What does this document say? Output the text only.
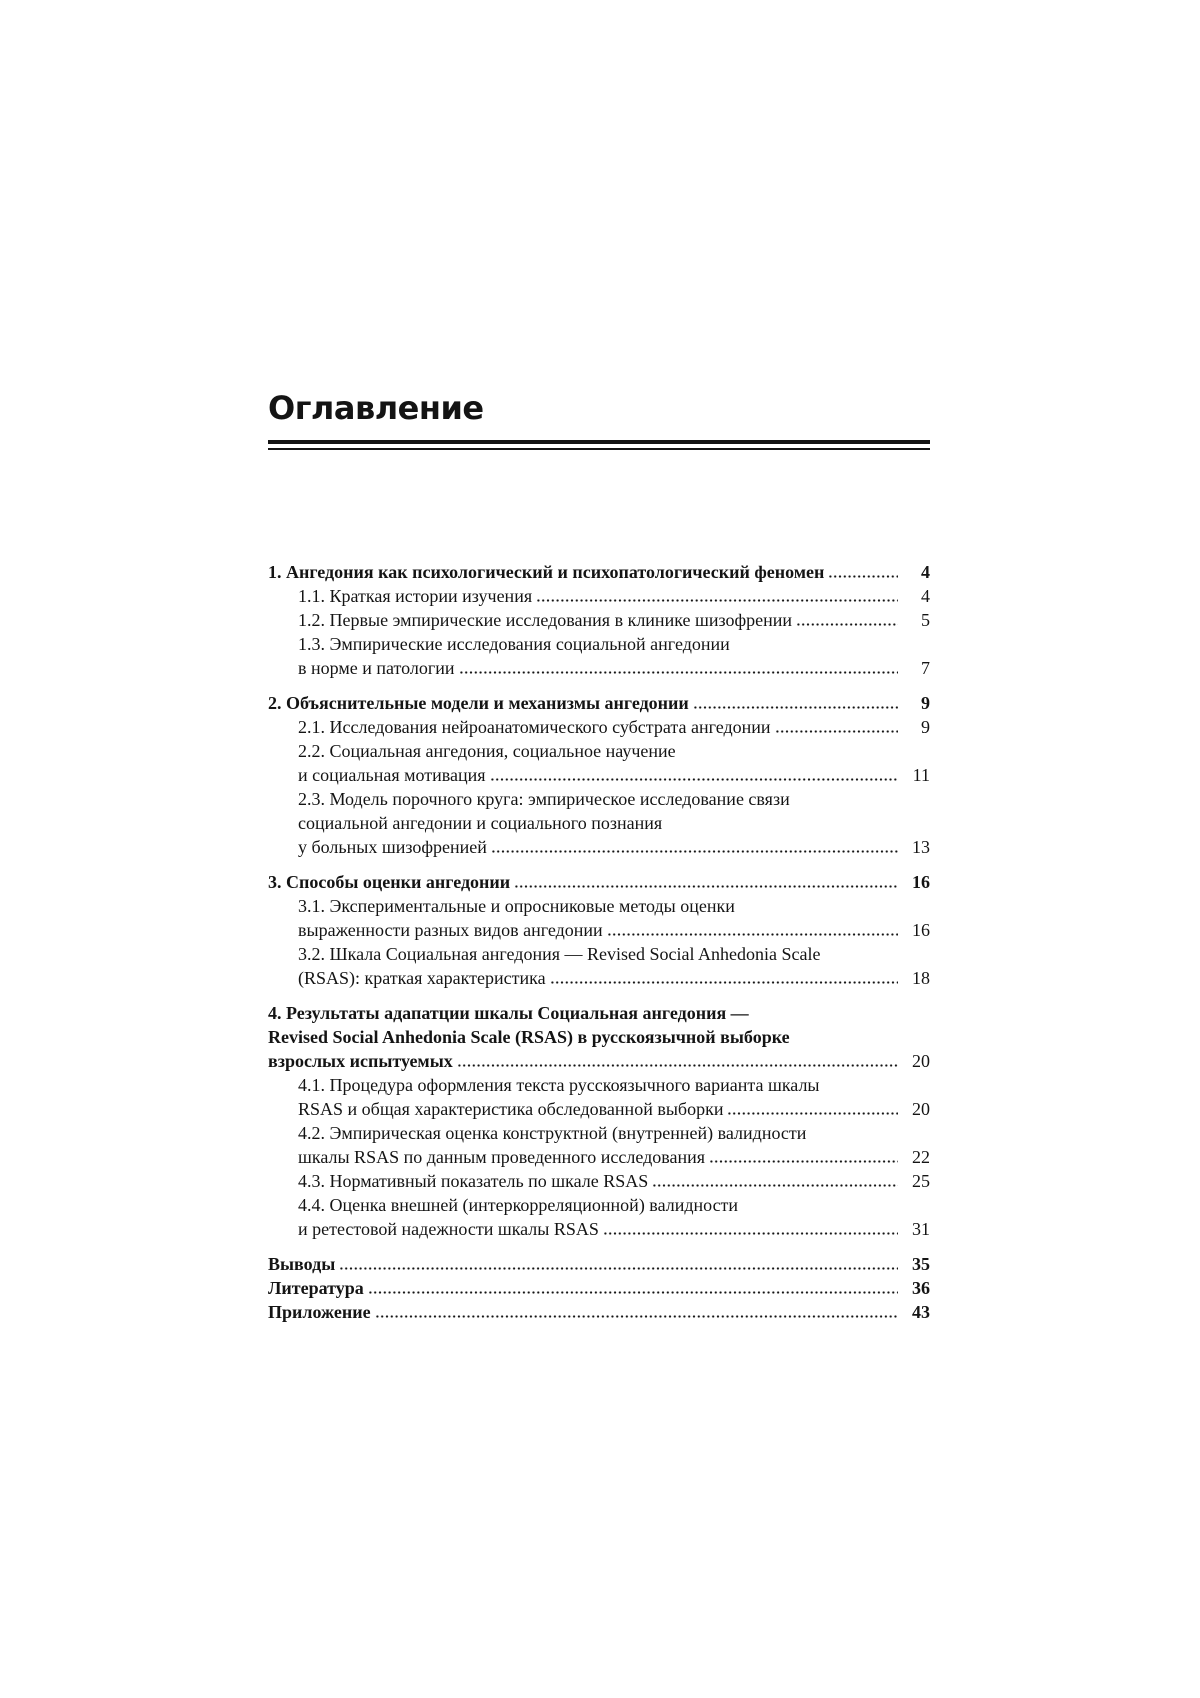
Оглавление
1. Ангедония как психологический и психопатологический феномен	4
1.1. Краткая истории изучения	4
1.2. Первые эмпирические исследования в клинике шизофрении	5
1.3. Эмпирические исследования социальной ангедонии
в норме и патологии	7
2. Объяснительные модели и механизмы ангедонии	9
2.1. Исследования нейроанатомического субстрата ангедонии	9
2.2. Социальная ангедония, социальное научение
и социальная мотивация	11
2.3. Модель порочного круга: эмпирическое исследование связи
социальной ангедонии и социального познания
у больных шизофренией	13
3. Способы оценки ангедонии	16
3.1. Экспериментальные и опросниковые методы оценки
выраженности разных видов ангедонии	16
3.2. Шкала Социальная ангедония — Revised Social Anhedonia Scale
(RSAS): краткая характеристика	18
4. Результаты адапатции шкалы Социальная ангедония —
Revised Social Anhedonia Scale (RSAS) в русскоязычной выборке
взрослых испытуемых	20
4.1. Процедура оформления текста русскоязычного варианта шкалы
RSAS и общая характеристика обследованной выборки	20
4.2. Эмпирическая оценка конструктной (внутренней) валидности
шкалы RSAS по данным проведенного исследования	22
4.3. Нормативный показатель по шкале RSAS	25
4.4. Оценка внешней (интеркорреляционной) валидности
и ретестовой надежности шкалы RSAS	31
Выводы	35
Литература	36
Приложение	43
